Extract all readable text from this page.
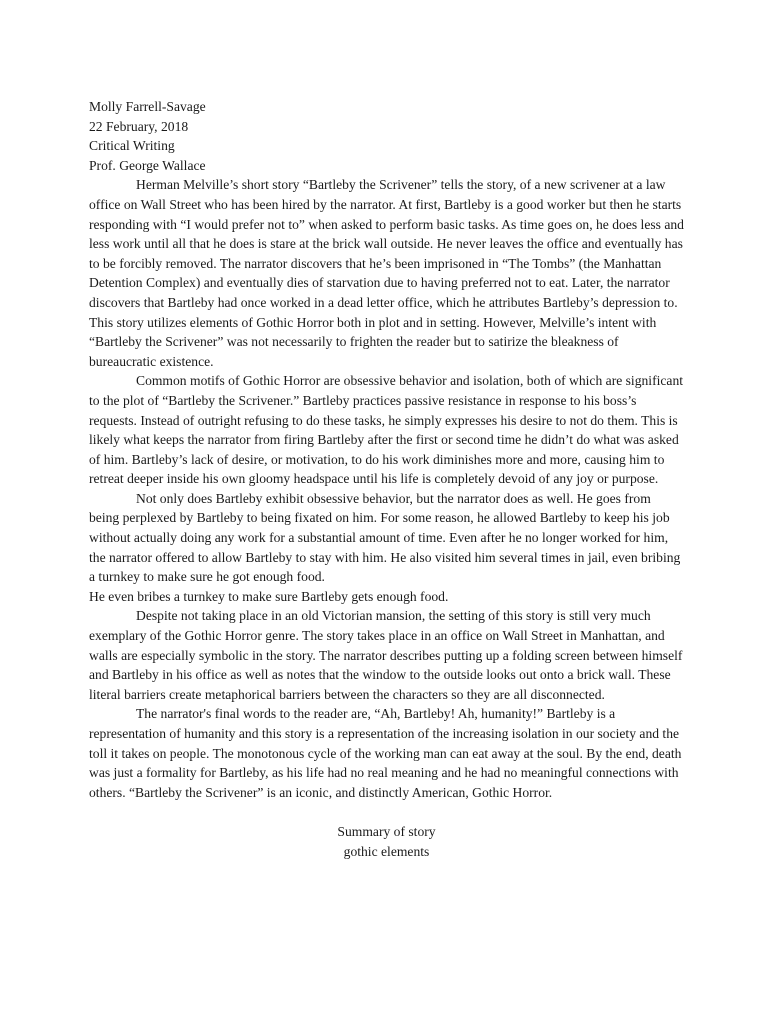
Molly Farrell-Savage

22 February, 2018

Critical Writing

Prof. George Wallace

Herman Melville’s short story “Bartleby the Scrivener” tells the story, of a new scrivener at a law office on Wall Street who has been hired by the narrator. At first, Bartleby is a good worker but then he starts responding with “I would prefer not to” when asked to perform basic tasks. As time goes on, he does less and less work until all that he does is stare at the brick wall outside. He never leaves the office and eventually has to be forcibly removed. The narrator discovers that he’s been imprisoned in “The Tombs” (the Manhattan Detention Complex) and eventually dies of starvation due to having preferred not to eat. Later, the narrator discovers that Bartleby had once worked in a dead letter office, which he attributes Bartleby’s depression to. This story utilizes elements of Gothic Horror both in plot and in setting. However, Melville’s intent with “Bartleby the Scrivener” was not necessarily to frighten the reader but to satirize the bleakness of bureaucratic existence.

Common motifs of Gothic Horror are obsessive behavior and isolation, both of which are significant to the plot of “Bartleby the Scrivener.” Bartleby practices passive resistance in response to his boss’s requests. Instead of outright refusing to do these tasks, he simply expresses his desire to not do them. This is likely what keeps the narrator from firing Bartleby after the first or second time he didn’t do what was asked of him. Bartleby’s lack of desire, or motivation, to do his work diminishes more and more, causing him to retreat deeper inside his own gloomy headspace until his life is completely devoid of any joy or purpose.

Not only does Bartleby exhibit obsessive behavior, but the narrator does as well. He goes from being perplexed by Bartleby to being fixated on him. For some reason, he allowed Bartleby to keep his job without actually doing any work for a substantial amount of time. Even after he no longer worked for him, the narrator offered to allow Bartleby to stay with him. He also visited him several times in jail, even bribing a turnkey to make sure he got enough food.

He even bribes a turnkey to make sure Bartleby gets enough food.

Despite not taking place in an old Victorian mansion, the setting of this story is still very much exemplary of the Gothic Horror genre. The story takes place in an office on Wall Street in Manhattan, and walls are especially symbolic in the story. The narrator describes putting up a folding screen between himself and Bartleby in his office as well as notes that the window to the outside looks out onto a brick wall. These literal barriers create metaphorical barriers between the characters so they are all disconnected.

The narrator's final words to the reader are, “Ah, Bartleby! Ah, humanity!” Bartleby is a representation of humanity and this story is a representation of the increasing isolation in our society and the toll it takes on people. The monotonous cycle of the working man can eat away at the soul. By the end, death was just a formality for Bartleby, as his life had no real meaning and he had no meaningful connections with others. “Bartleby the Scrivener” is an iconic, and distinctly American, Gothic Horror.

Summary of story

gothic elements
